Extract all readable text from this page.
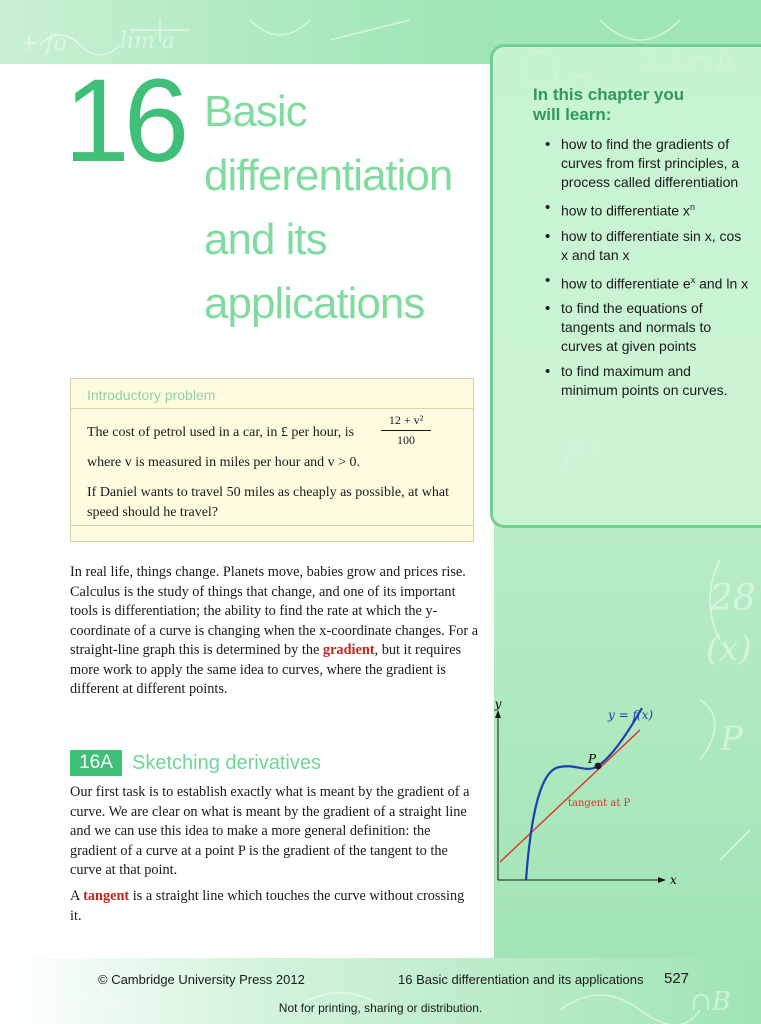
+ fo lim a
28
(x)
P
∩B
16 Basic
differentiation
and its
applications
In this chapter you
will learn:
• how to find the gradients of curves from first principles, a process called differentiation
• how to differentiate $x^n$
• how to differentiate sin x, cos x and tan x
• how to differentiate $e^x$ and ln x
• to find the equations of tangents and normals to curves at given points
• to find maximum and minimum points on curves.
Introductory problem

The cost of petrol used in a car, in £ per hour, is	$\frac{\text{12 + v²}}{100}$

where v is measured in miles per hour and v > 0.

If Daniel wants to travel 50 miles as cheaply as possible, at what speed should he travel?

In real life, things change. Planets move, babies grow and prices rise. Calculus is the study of things that change, and one of its important tools is differentiation; the ability to find the rate at which the y-coordinate of a curve is changing when the x-coordinate changes. For a straight-line graph this is determined by the gradient, but it requires more work to apply the same idea to curves, where the gradient is different at different points.

16A Sketching derivatives

Our first task is to establish exactly what is meant by the gradient of a curve. We are clear on what is meant by the gradient of a straight line and we can use this idea to make a more general definition: the gradient of a curve at a point P is the gradient of the tangent to the curve at that point.

A tangent is a straight line which touches the curve without crossing it.

y
x
P
y = f(x)
tangent at P
© Cambridge University Press 2012	16 Basic differentiation and its applications 527
Not for printing, sharing or distribution.
